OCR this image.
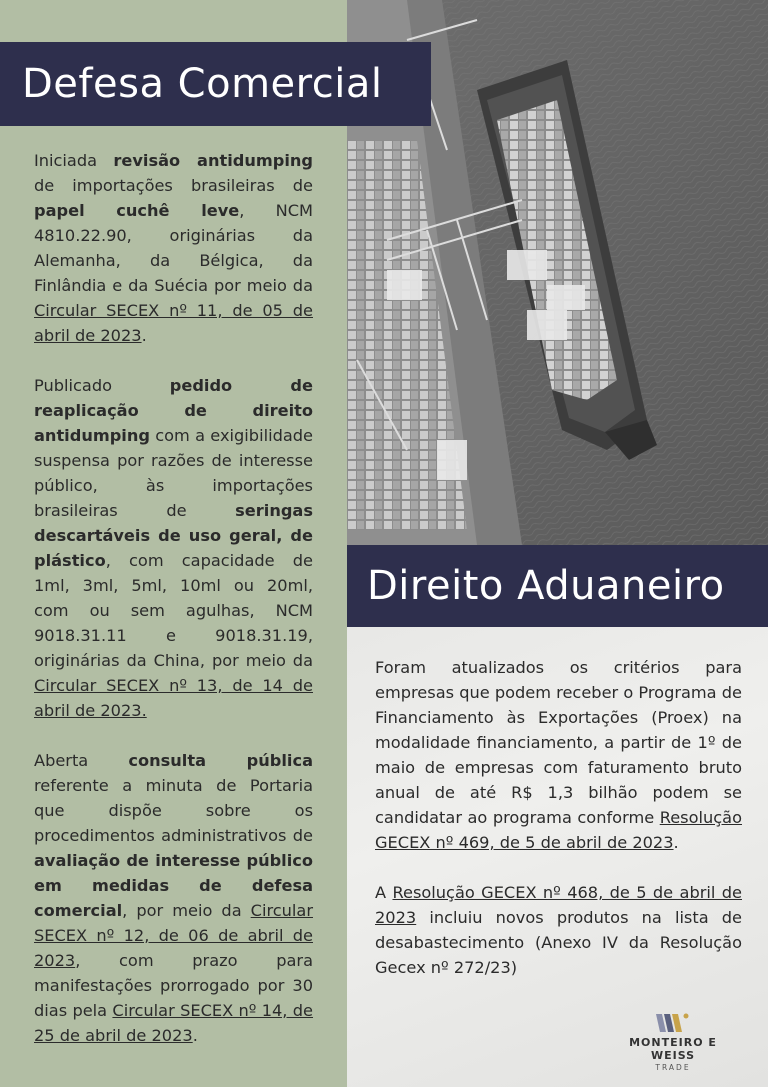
Defesa Comercial
Direito Aduaneiro

Iniciada revisão antidumping de importações brasileiras de papel cuchê leve, NCM 4810.22.90, originárias da Alemanha, da Bélgica, da Finlândia e da Suécia por meio da Circular SECEX nº 11, de 05 de abril de 2023.

Publicado pedido de reaplicação de direito antidumping com a exigibilidade suspensa por razões de interesse público, às importações brasileiras de seringas descartáveis de uso geral, de plástico, com capacidade de 1ml, 3ml, 5ml, 10ml ou 20ml, com ou sem agulhas, NCM 9018.31.11 e 9018.31.19, originárias da China, por meio da Circular SECEX nº 13, de 14 de abril de 2023.

Aberta consulta pública referente a minuta de Portaria que dispõe sobre os procedimentos administrativos de avaliação de interesse público em medidas de defesa comercial, por meio da Circular SECEX nº 12, de 06 de abril de 2023, com prazo para manifestações prorrogado por 30 dias pela Circular SECEX nº 14, de 25 de abril de 2023.

Foram atualizados os critérios para empresas que podem receber o Programa de Financiamento às Exportações (Proex) na modalidade financiamento, a partir de 1º de maio de empresas com faturamento bruto anual de até R$ 1,3 bilhão podem se candidatar ao programa conforme Resolução GECEX nº 469, de 5 de abril de 2023.

A Resolução GECEX nº 468, de 5 de abril de 2023 incluiu novos produtos na lista de desabastecimento (Anexo IV da Resolução Gecex nº 272/23)

MONTEIRO E WEISS
TRADE
